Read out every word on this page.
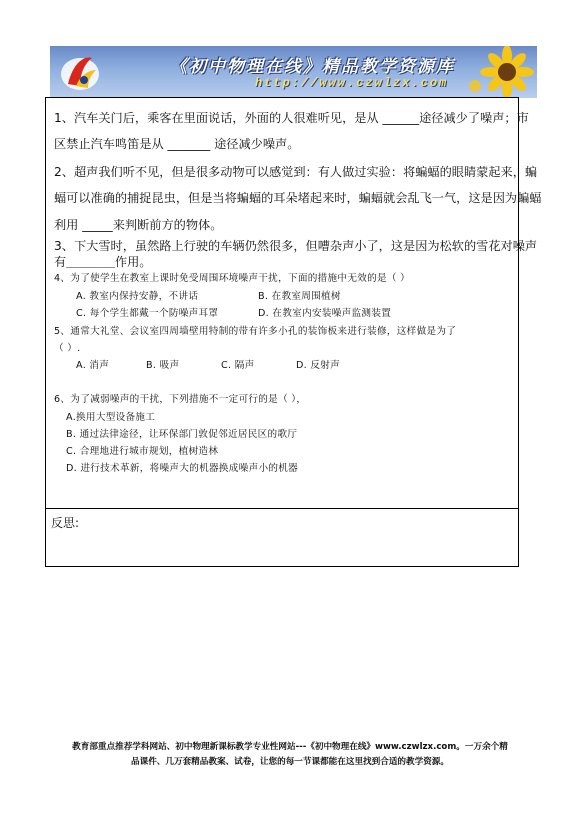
《初中物理在线》精品教学资源库
http://www.czwlzx.com
1、汽车关门后，乘客在里面说话，外面的人很难听见，是从 ______途径减少了噪声；市
区禁止汽车鸣笛是从 _______ 途径减少噪声。
2、超声我们听不见，但是很多动物可以感觉到：有人做过实验：将蝙蝠的眼睛蒙起来，蝙
蝠可以准确的捕捉昆虫，但是当将蝙蝠的耳朵堵起来时，蝙蝠就会乱飞一气，这是因为蝙蝠
利用 _____来判断前方的物体。
3、下大雪时，虽然路上行驶的车辆仍然很多，但嘈杂声小了，这是因为松软的雪花对噪声
有＿＿＿＿作用。
4、为了使学生在教室上课时免受周围环境噪声干扰，下面的措施中无效的是（ ）
A. 教室内保持安静，不讲话	B. 在教室周围植树
C. 每个学生都戴一个防噪声耳罩	D. 在教室内安装噪声监测装置
5、通常大礼堂、会议室四周墙壁用特制的带有许多小孔的装饰板来进行装修，这样做是为了
（ ）.
A. 消声	B. 吸声	C. 隔声	D. 反射声
6、为了减弱噪声的干扰，下列措施不一定可行的是（ ），
A.换用大型设备施工
B. 通过法律途径，让环保部门敦促邻近居民区的歌厅
C. 合理地进行城市规划，植树造林
D. 进行技术革新，将噪声大的机器换成噪声小的机器
反思:
教育部重点推荐学科网站、初中物理新课标教学专业性网站---《初中物理在线》www.czwlzx.com。一万余个精
品课件、几万套精品教案、试卷，让您的每一节课都能在这里找到合适的教学资源。
